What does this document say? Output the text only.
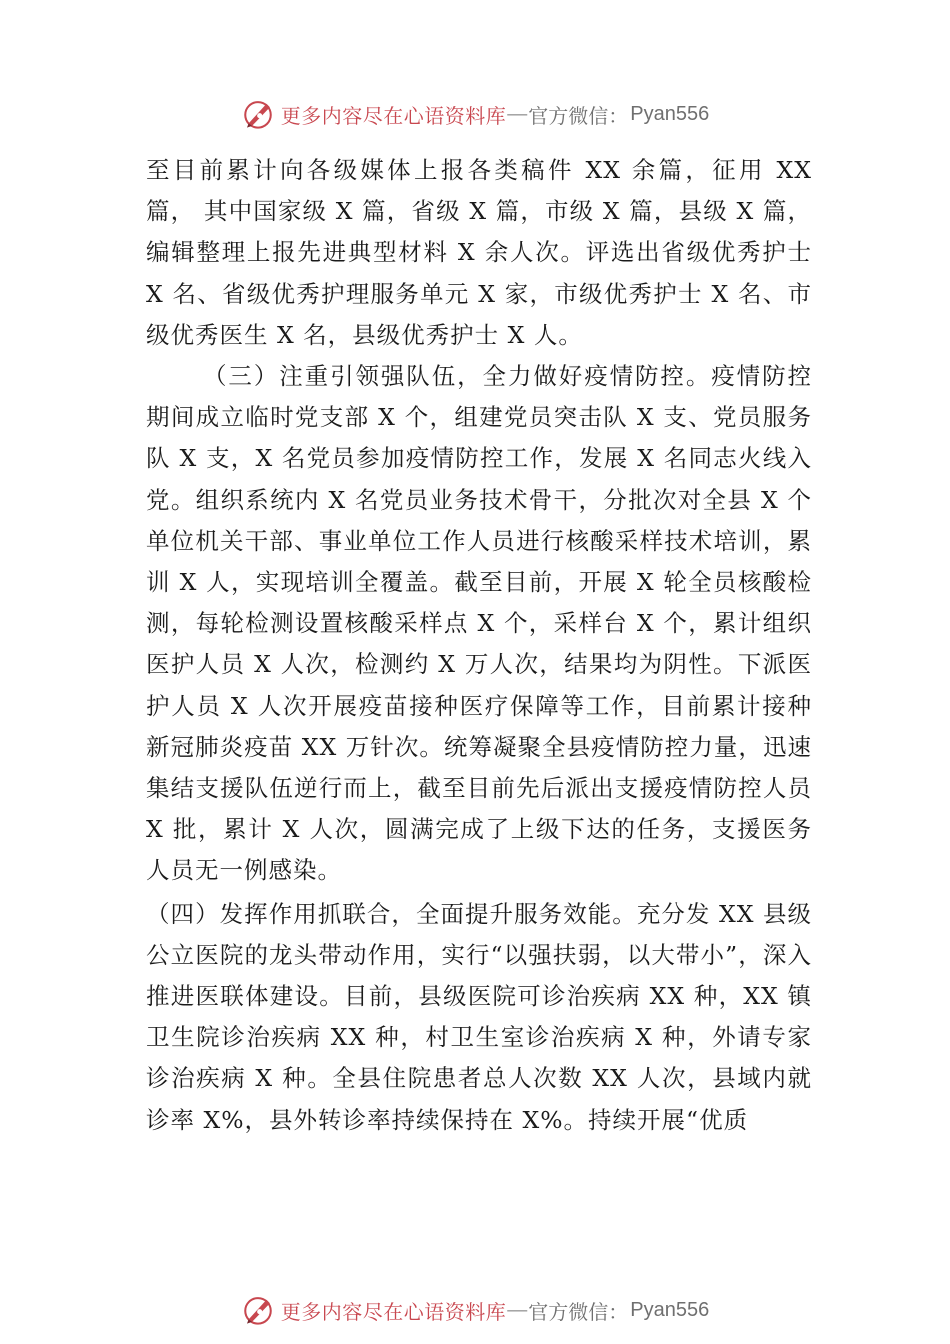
更多内容尽在心语资料库 — 官方微信： Pyan556

至目前累计向各级媒体上报各类稿件 XX 余篇，征用 XX 篇， 其中国家级 X 篇，省级 X 篇，市级 X 篇，县级 X 篇，编辑整理上报先进典型材料 X 余人次。评选出省级优秀护士 X 名、省级优秀护理服务单元 X 家，市级优秀护士 X 名、市级优秀医生 X 名，县级优秀护士 X 人。

（三）注重引领强队伍，全力做好疫情防控。疫情防控期间成立临时党支部 X 个，组建党员突击队 X 支、党员服务队 X 支，X 名党员参加疫情防控工作，发展 X 名同志火线入党。组织系统内 X 名党员业务技术骨干，分批次对全县 X 个单位机关干部、事业单位工作人员进行核酸采样技术培训，累训 X 人，实现培训全覆盖。截至目前，开展 X 轮全员核酸检测，每轮检测设置核酸采样点 X 个，采样台 X 个，累计组织医护人员 X 人次，检测约 X 万人次，结果均为阴性。下派医护人员 X 人次开展疫苗接种医疗保障等工作，目前累计接种新冠肺炎疫苗 XX 万针次。统筹凝聚全县疫情防控力量，迅速集结支援队伍逆行而上，截至目前先后派出支援疫情防控人员 X 批，累计 X 人次，圆满完成了上级下达的任务，支援医务人员无一例感染。

（四）发挥作用抓联合，全面提升服务效能。充分发 XX 县级公立医院的龙头带动作用，实行“以强扶弱，以大带小”，深入推进医联体建设。目前，县级医院可诊治疾病 XX 种，XX 镇卫生院诊治疾病 XX 种，村卫生室诊治疾病 X 种，外请专家诊治疾病 X 种。全县住院患者总人次数 XX 人次，县域内就诊率 X%，县外转诊率持续保持在 X%。持续开展“优质

更多内容尽在心语资料库 — 官方微信： Pyan556
